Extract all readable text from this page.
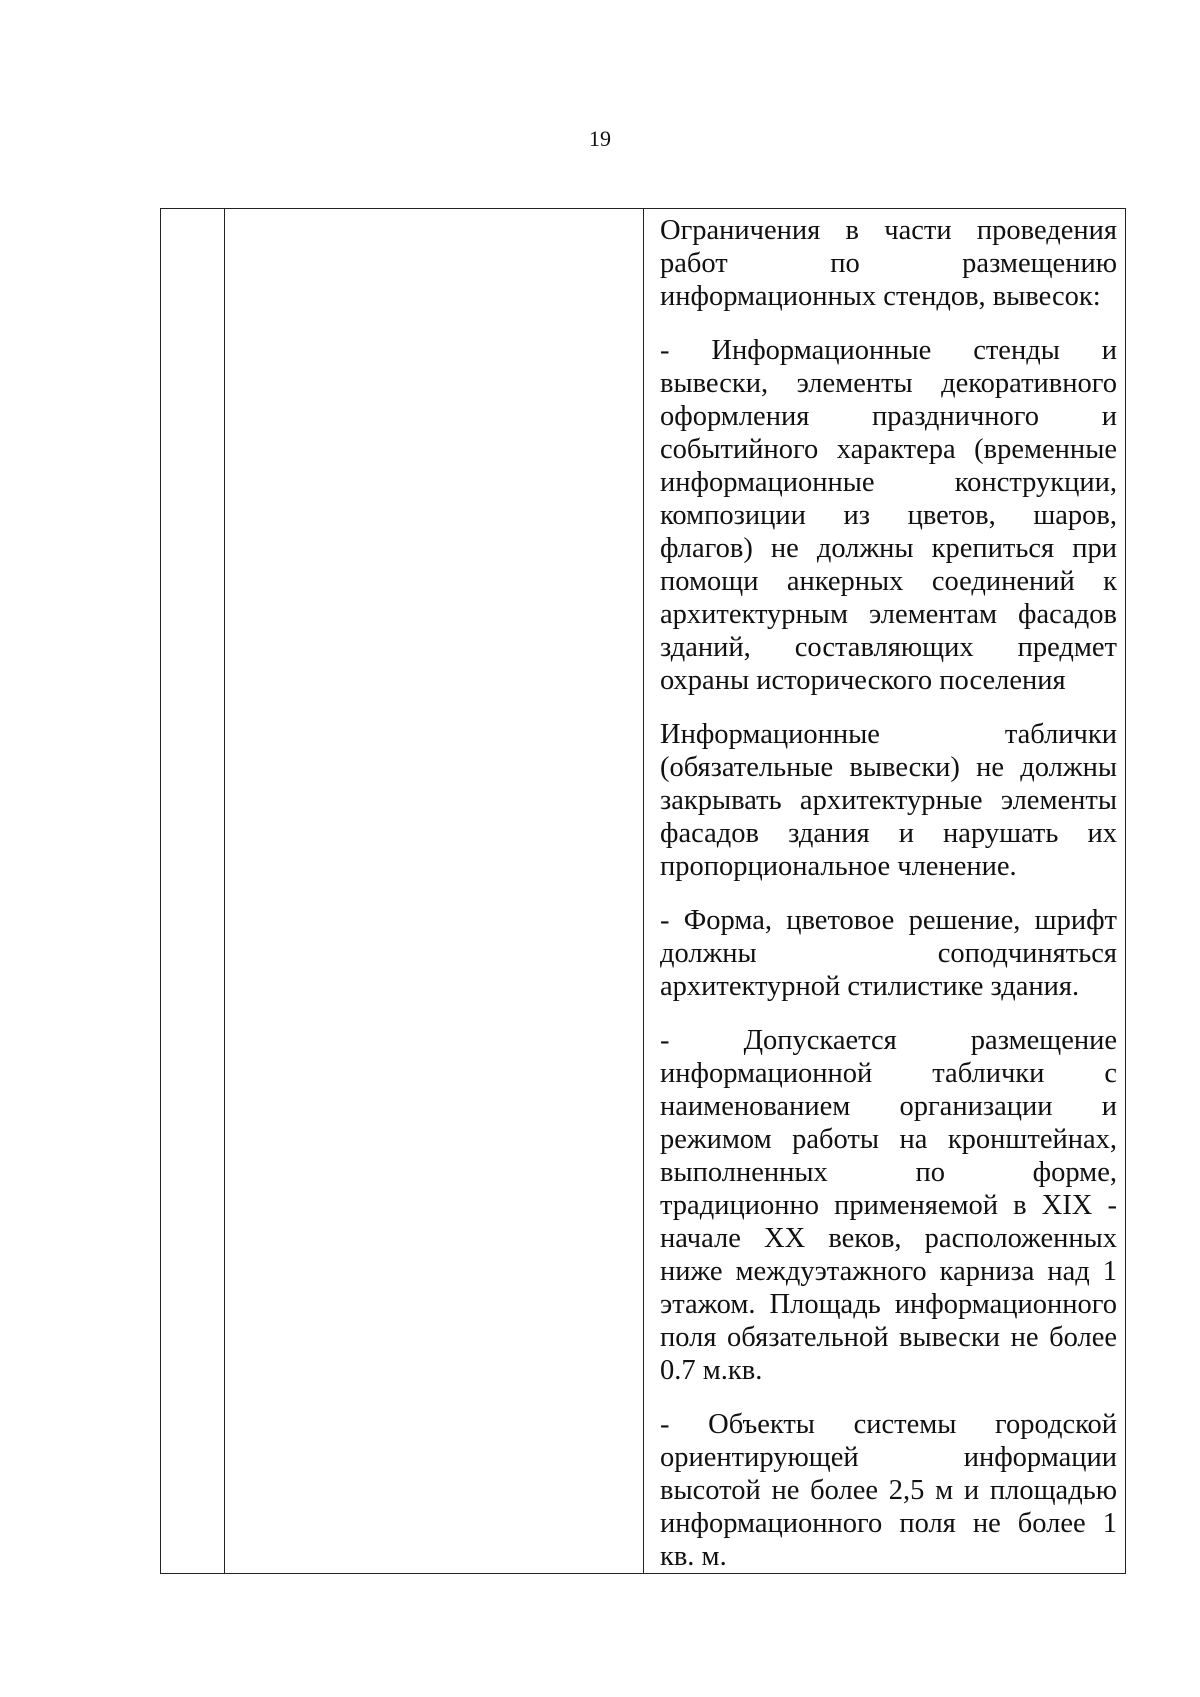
19

Ограничения в части проведения работ по размещению информационных стендов, вывесок:

- Информационные стенды и вывески, элементы декоративного оформления праздничного и событийного характера (временные информационные конструкции, композиции из цветов, шаров, флагов) не должны крепиться при помощи анкерных соединений к архитектурным элементам фасадов зданий, составляющих предмет охраны исторического поселения

Информационные таблички (обязательные вывески) не должны закрывать архитектурные элементы фасадов здания и нарушать их пропорциональное членение.

- Форма, цветовое решение, шрифт должны соподчиняться архитектурной стилистике здания.

- Допускается размещение информационной таблички с наименованием организации и режимом работы на кронштейнах, выполненных по форме, традиционно применяемой в XIX - начале XX веков, расположенных ниже междуэтажного карниза над 1 этажом. Площадь информационного поля обязательной вывески не более 0.7 м.кв.

- Объекты системы городской ориентирующей информации высотой не более 2,5 м и площадью информационного поля не более 1 кв. м.
